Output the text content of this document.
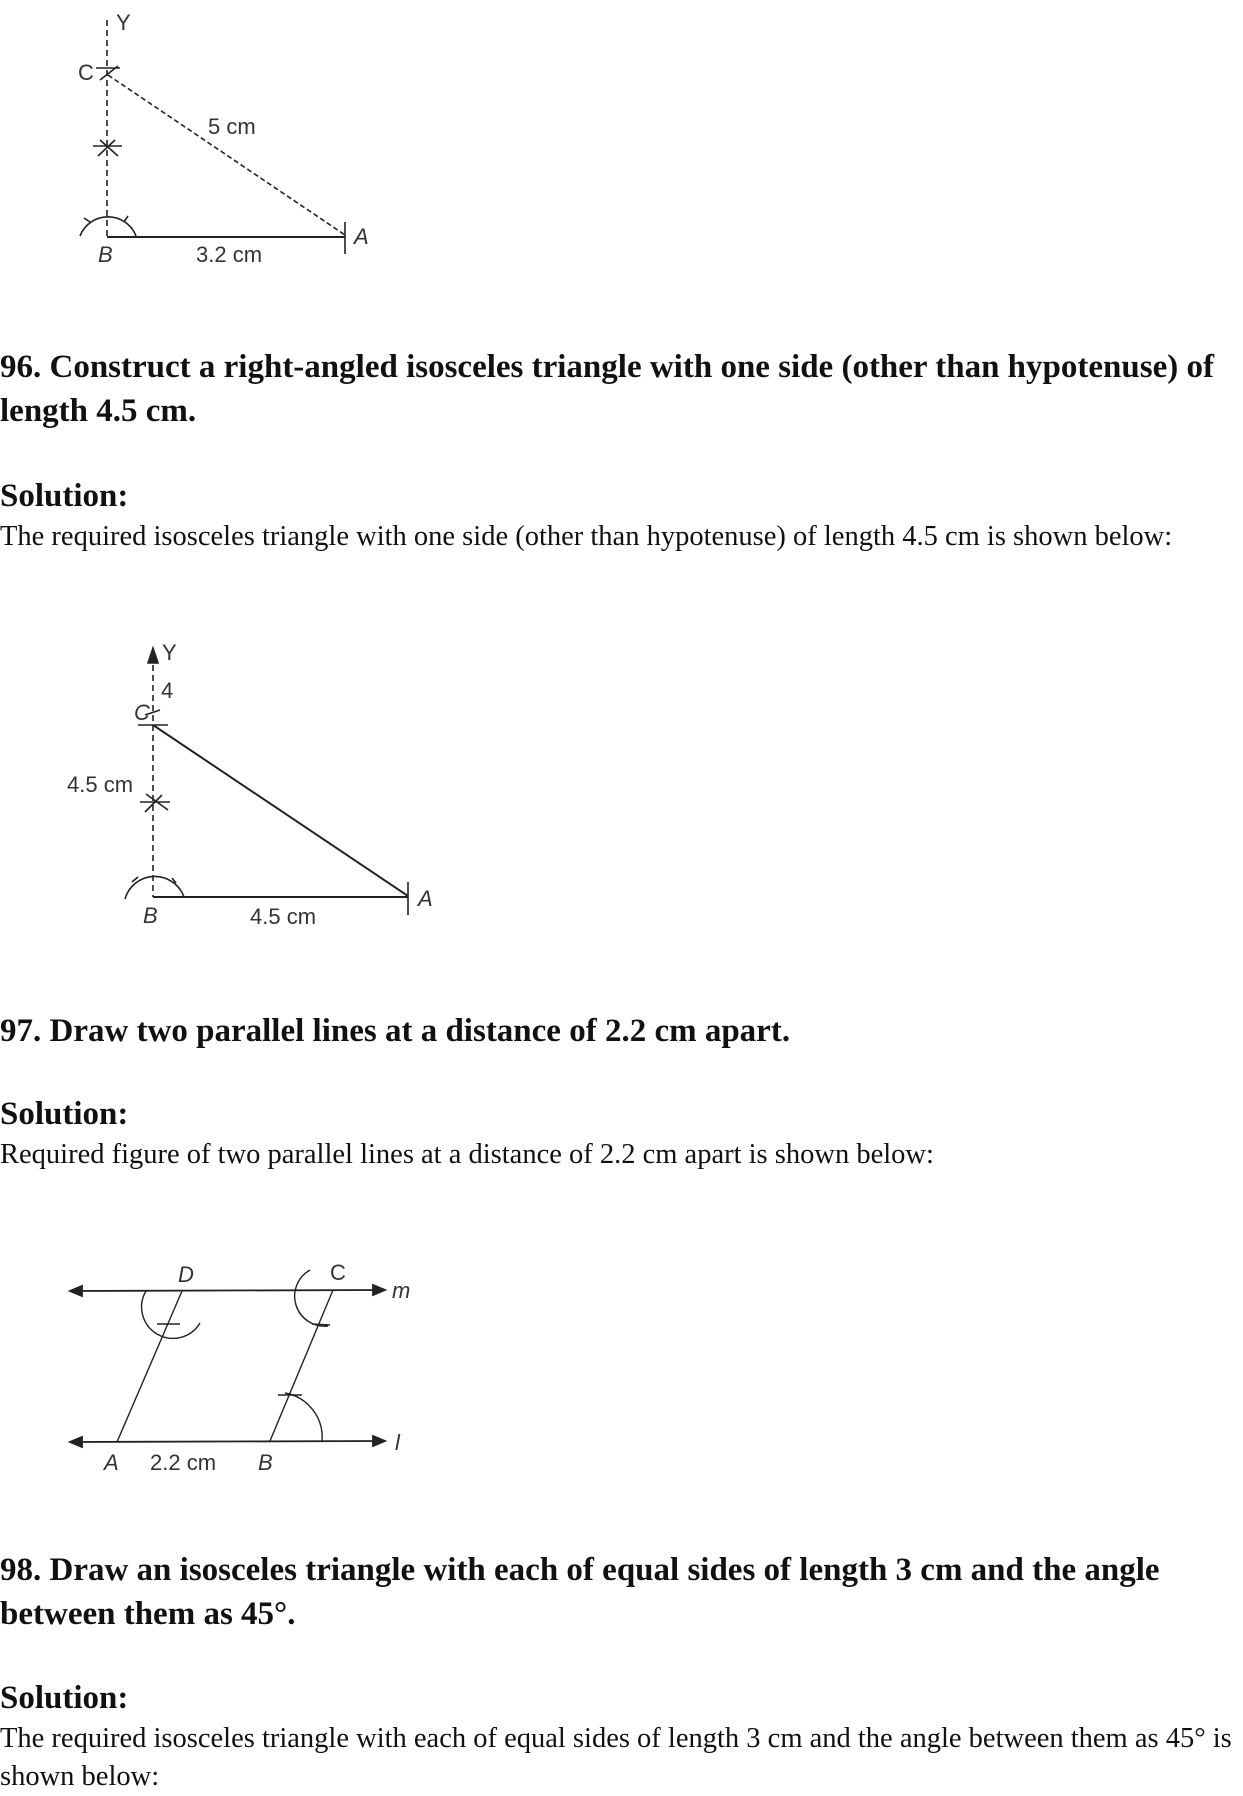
Y
C
B
A
5 cm
3.2 cm
96. Construct a right-angled isosceles triangle with one side (other than hypotenuse) of length 4.5 cm.
Solution:

The required isosceles triangle with one side (other than hypotenuse) of length 4.5 cm is shown below:

Y
4
C
B
A
4.5 cm
4.5 cm
97. Draw two parallel lines at a distance of 2.2 cm apart.
Solution:

Required figure of two parallel lines at a distance of 2.2 cm apart is shown below:

D	C
m
l
A 2.2 cm B
98. Draw an isosceles triangle with each of equal sides of length 3 cm and the angle between them as 45°.
Solution:

The required isosceles triangle with each of equal sides of length 3 cm and the angle between them as 45° is shown below:
